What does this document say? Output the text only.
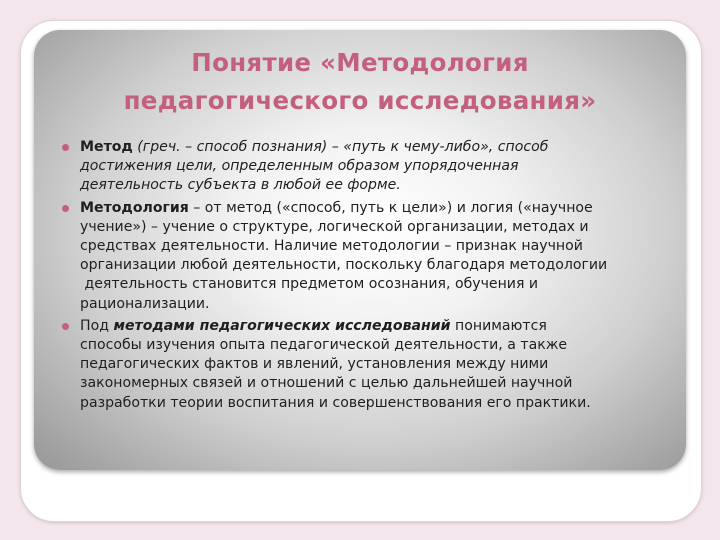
Понятие «Методология
педагогического исследования»
Метод (греч. – способ познания) – «путь к чему-либо», способ
достижения цели, определенным образом упорядоченная
деятельность субъекта в любой ее форме.
Методология – от метод («способ, путь к цели») и логия («научное
учение») – учение о структуре, логической организации, методах и
средствах деятельности. Наличие методологии – признак научной
организации любой деятельности, поскольку благодаря методологии
деятельность становится предметом осознания, обучения и
рационализации.
Под методами педагогических исследований понимаются
способы изучения опыта педагогической деятельности, а также
педагогических фактов и явлений, установления между ними
закономерных связей и отношений с целью дальнейшей научной
разработки теории воспитания и совершенствования его практики.
